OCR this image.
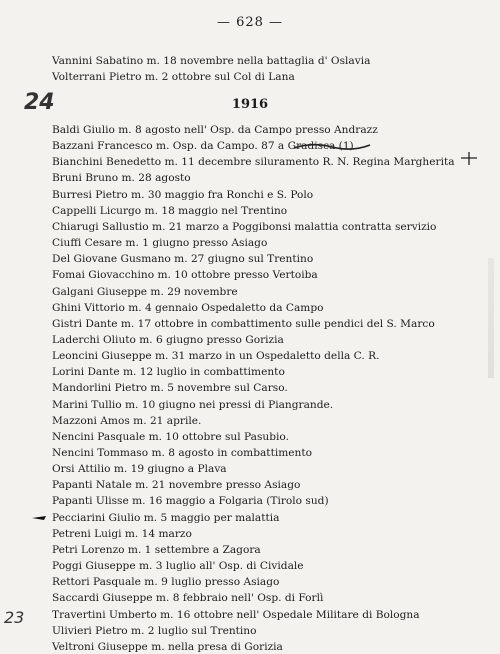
— 628 —
Vannini Sabatino m. 18 novembre nella battaglia d' Oslavia
Volterrani Pietro m. 2 ottobre sul Col di Lana
24	1916
Baldi Giulio m. 8 agosto nell' Osp. da Campo presso Andrazz
Bazzani Francesco m. Osp. da Campo. 87 a Gradisca (1)
Bianchini Benedetto m. 11 decembre siluramento R. N. Regina Margherita
Bruni Bruno m. 28 agosto
Burresi Pietro m. 30 maggio fra Ronchi e S. Polo
Cappelli Licurgo m. 18 maggio nel Trentino
Chiarugi Sallustio m. 21 marzo a Poggibonsi malattia contratta servizio
Ciuffi Cesare m. 1 giugno presso Asiago
Del Giovane Gusmano m. 27 giugno sul Trentino
Fomai Giovacchino m. 10 ottobre presso Vertoiba
Galgani Giuseppe m. 29 novembre
Ghini Vittorio m. 4 gennaio Ospedaletto da Campo
Gistri Dante m. 17 ottobre in combattimento sulle pendici del S. Marco
Laderchi Oliuto m. 6 giugno presso Gorizia
Leoncini Giuseppe m. 31 marzo in un Ospedaletto della C. R.
Lorini Dante m. 12 luglio in combattimento
Mandorlini Pietro m. 5 novembre sul Carso.
Marini Tullio m. 10 giugno nei pressi di Piangrande.
Mazzoni Amos m. 21 aprile.
Nencini Pasquale m. 10 ottobre sul Pasubio.
Nencini Tommaso m. 8 agosto in combattimento
Orsi Attilio m. 19 giugno a Plava
Papanti Natale m. 21 novembre presso Asiago
Papanti Ulisse m. 16 maggio a Folgaria (Tirolo sud)
Pecciarini Giulio m. 5 maggio per malattia
Petreni Luigi m. 14 marzo
Petri Lorenzo m. 1 settembre a Zagora
Poggi Giuseppe m. 3 luglio all' Osp. di Cividale
Rettori Pasquale m. 9 luglio presso Asiago
Saccardi Giuseppe m. 8 febbraio nell' Osp. di Forlì
Travertini Umberto m. 16 ottobre nell' Ospedale Militare di Bologna
Ulivieri Pietro m. 2 luglio sul Trentino
Veltroni Giuseppe m. nella presa di Gorizia
23
